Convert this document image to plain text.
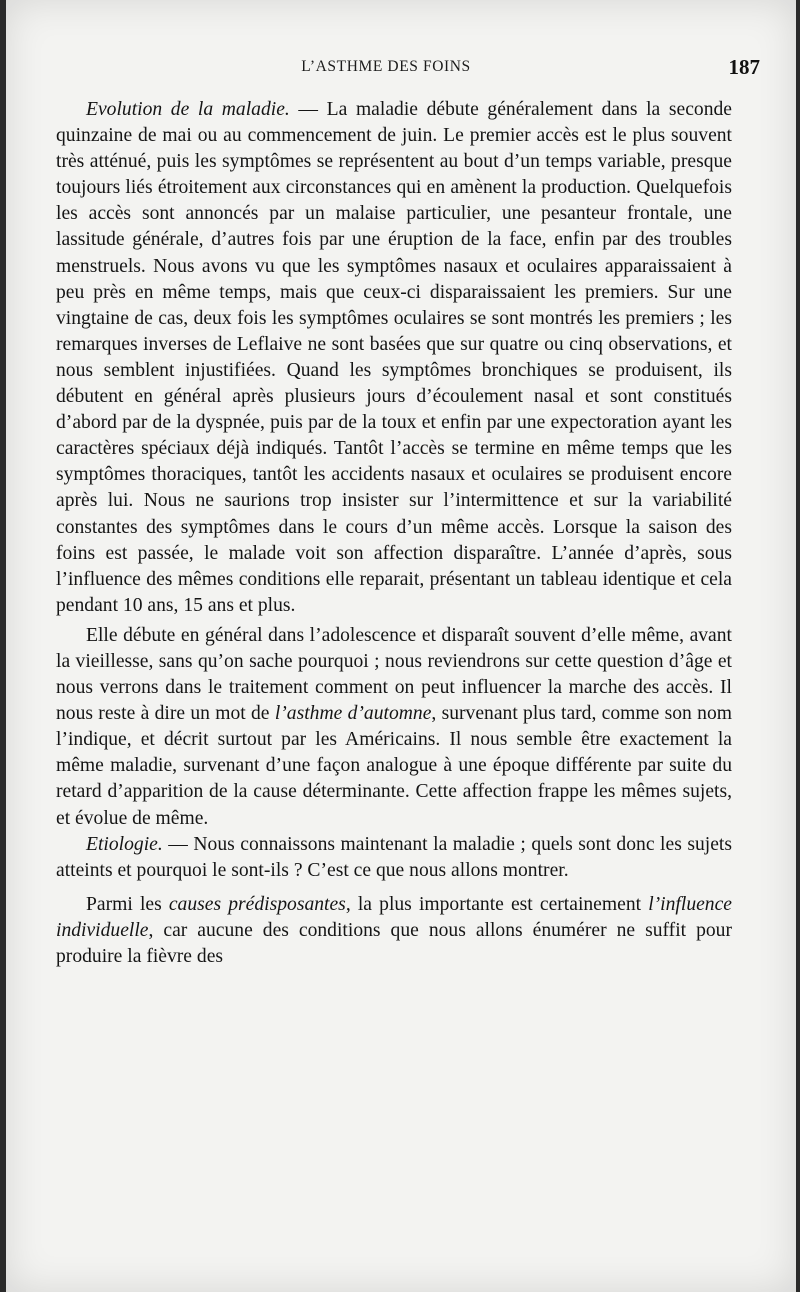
L’ASTHME DES FOINS	187

Evolution de la maladie. — La maladie débute généralement dans la seconde quinzaine de mai ou au commencement de juin. Le premier accès est le plus souvent très atténué, puis les symptômes se représentent au bout d’un temps variable, presque toujours liés étroitement aux circonstances qui en amènent la production. Quelquefois les accès sont annoncés par un malaise particulier, une pesanteur frontale, une lassitude générale, d’autres fois par une éruption de la face, enfin par des troubles menstruels. Nous avons vu que les symptômes nasaux et oculaires apparaissaient à peu près en même temps, mais que ceux-ci disparaissaient les premiers. Sur une vingtaine de cas, deux fois les symptômes oculaires se sont montrés les premiers ; les remarques inverses de Leflaive ne sont basées que sur quatre ou cinq observations, et nous semblent injustifiées. Quand les symptômes bronchiques se produisent, ils débutent en général après plusieurs jours d’écoulement nasal et sont constitués d’abord par de la dyspnée, puis par de la toux et enfin par une expectoration ayant les caractères spéciaux déjà indiqués. Tantôt l’accès se termine en même temps que les symptômes thoraciques, tantôt les accidents nasaux et oculaires se produisent encore après lui. Nous ne saurions trop insister sur l’intermittence et sur la variabilité constantes des symptômes dans le cours d’un même accès. Lorsque la saison des foins est passée, le malade voit son affection disparaître. L’année d’après, sous l’influence des mêmes conditions elle reparait, présentant un tableau identique et cela pendant 10 ans, 15 ans et plus.

Elle débute en général dans l’adolescence et disparaît souvent d’elle même, avant la vieillesse, sans qu’on sache pourquoi ; nous reviendrons sur cette question d’âge et nous verrons dans le traitement comment on peut influencer la marche des accès. Il nous reste à dire un mot de l’asthme d’automne, survenant plus tard, comme son nom l’indique, et décrit surtout par les Américains. Il nous semble être exactement la même maladie, survenant d’une façon analogue à une époque différente par suite du retard d’apparition de la cause déterminante. Cette affection frappe les mêmes sujets, et évolue de même.

Etiologie. — Nous connaissons maintenant la maladie ; quels sont donc les sujets atteints et pourquoi le sont-ils ? C’est ce que nous allons montrer.

Parmi les causes prédisposantes, la plus importante est certainement l’influence individuelle, car aucune des conditions que nous allons énumérer ne suffit pour produire la fièvre des
